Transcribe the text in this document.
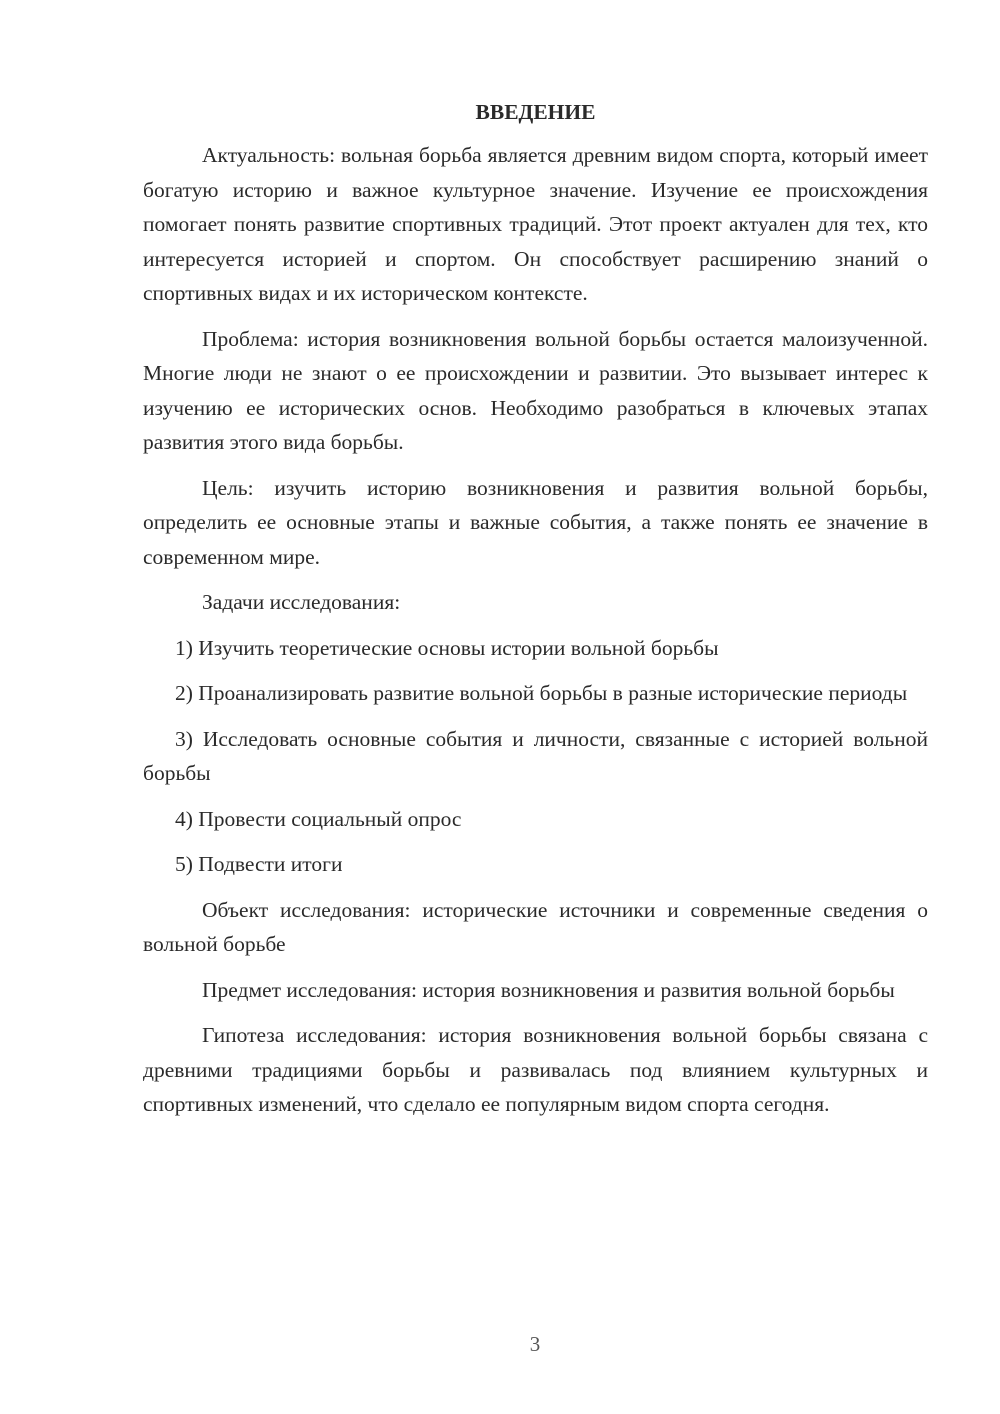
ВВЕДЕНИЕ

Актуальность: вольная борьба является древним видом спорта, который имеет богатую историю и важное культурное значение. Изучение ее происхождения помогает понять развитие спортивных традиций. Этот проект актуален для тех, кто интересуется историей и спортом. Он способствует расширению знаний о спортивных видах и их историческом контексте.

Проблема: история возникновения вольной борьбы остается малоизученной. Многие люди не знают о ее происхождении и развитии. Это вызывает интерес к изучению ее исторических основ. Необходимо разобраться в ключевых этапах развития этого вида борьбы.

Цель: изучить историю возникновения и развития вольной борьбы, определить ее основные этапы и важные события, а также понять ее значение в современном мире.

Задачи исследования:

1) Изучить теоретические основы истории вольной борьбы

2) Проанализировать развитие вольной борьбы в разные исторические периоды

3) Исследовать основные события и личности, связанные с историей вольной борьбы

4) Провести социальный опрос

5) Подвести итоги

Объект исследования: исторические источники и современные сведения о вольной борьбе

Предмет исследования: история возникновения и развития вольной борьбы

Гипотеза исследования: история возникновения вольной борьбы связана с древними традициями борьбы и развивалась под влиянием культурных и спортивных изменений, что сделало ее популярным видом спорта сегодня.

3
